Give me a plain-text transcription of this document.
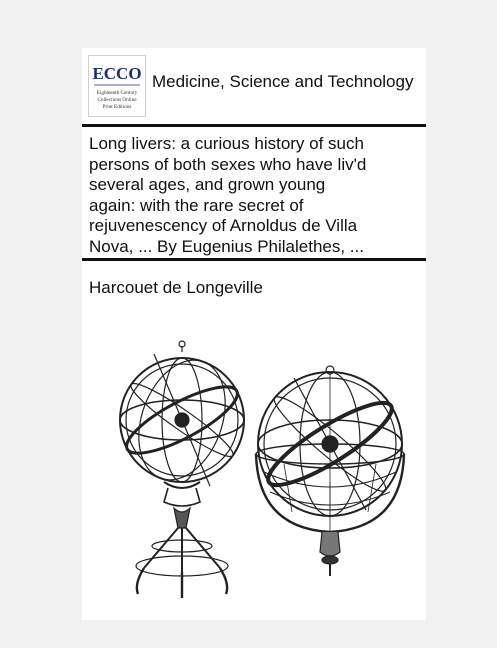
ECCO
Eighteenth Century
Collections Online
Print Editions
Medicine, Science and Technology
Long livers: a curious history of such
persons of both sexes who have liv'd
several ages, and grown young
again: with the rare secret of
rejuvenescency of Arnoldus de Villa
Nova, ... By Eugenius Philalethes, ...
Harcouet de Longeville
